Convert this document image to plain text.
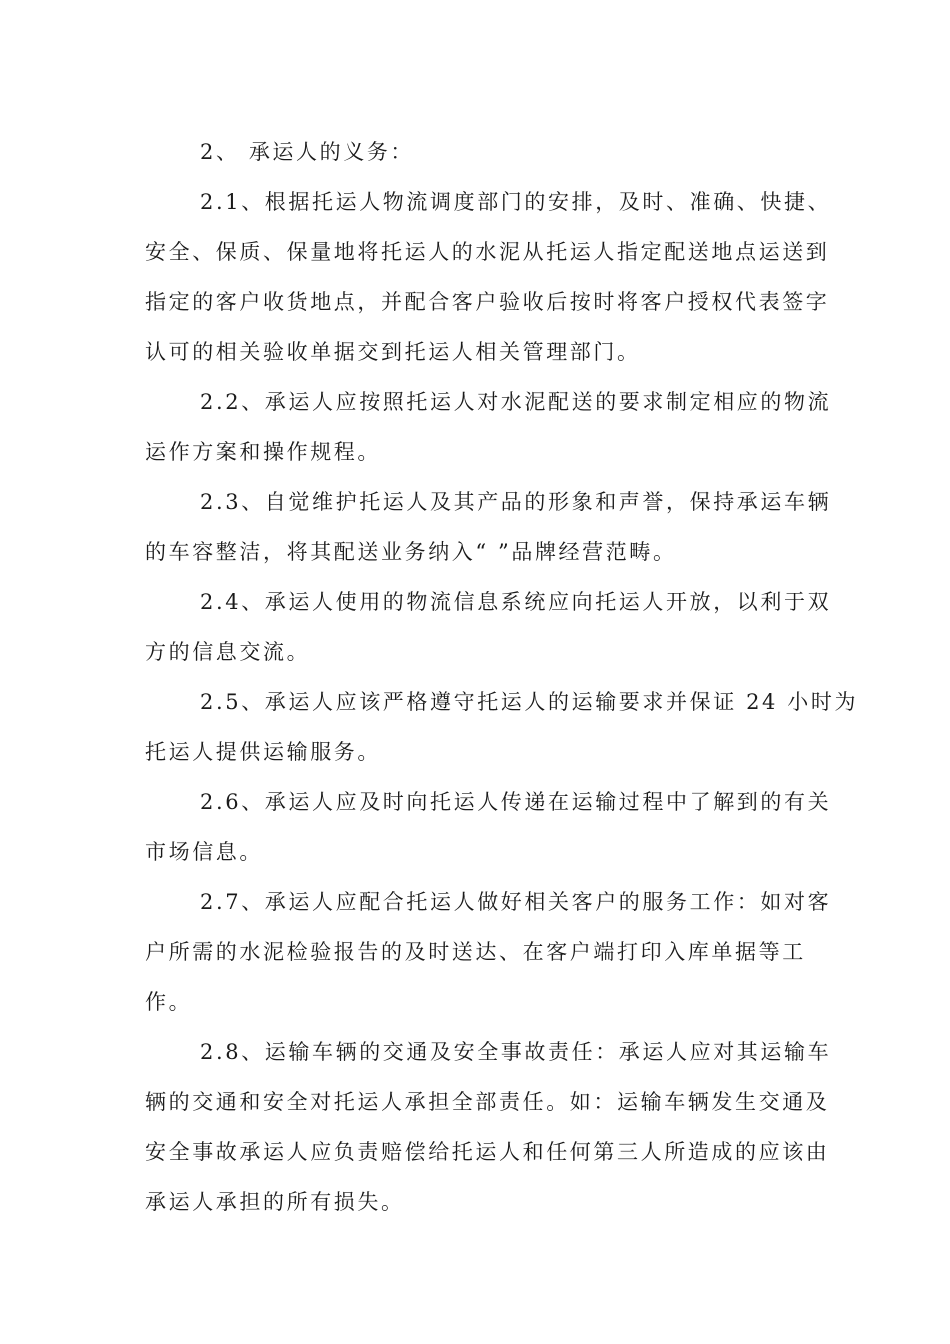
2、 承运人的义务：
2.1、根据托运人物流调度部门的安排，及时、准确、快捷、
安全、保质、保量地将托运人的水泥从托运人指定配送地点运送到
指定的客户收货地点，并配合客户验收后按时将客户授权代表签字
认可的相关验收单据交到托运人相关管理部门。
2.2、承运人应按照托运人对水泥配送的要求制定相应的物流
运作方案和操作规程。
2.3、自觉维护托运人及其产品的形象和声誉，保持承运车辆
的车容整洁，将其配送业务纳入“ ”品牌经营范畴。
2.4、承运人使用的物流信息系统应向托运人开放，以利于双
方的信息交流。
2.5、承运人应该严格遵守托运人的运输要求并保证 24 小时为
托运人提供运输服务。
2.6、承运人应及时向托运人传递在运输过程中了解到的有关
市场信息。
2.7、承运人应配合托运人做好相关客户的服务工作：如对客
户所需的水泥检验报告的及时送达、在客户端打印入库单据等工
作。
2.8、运输车辆的交通及安全事故责任：承运人应对其运输车
辆的交通和安全对托运人承担全部责任。如：运输车辆发生交通及
安全事故承运人应负责赔偿给托运人和任何第三人所造成的应该由
承运人承担的所有损失。
